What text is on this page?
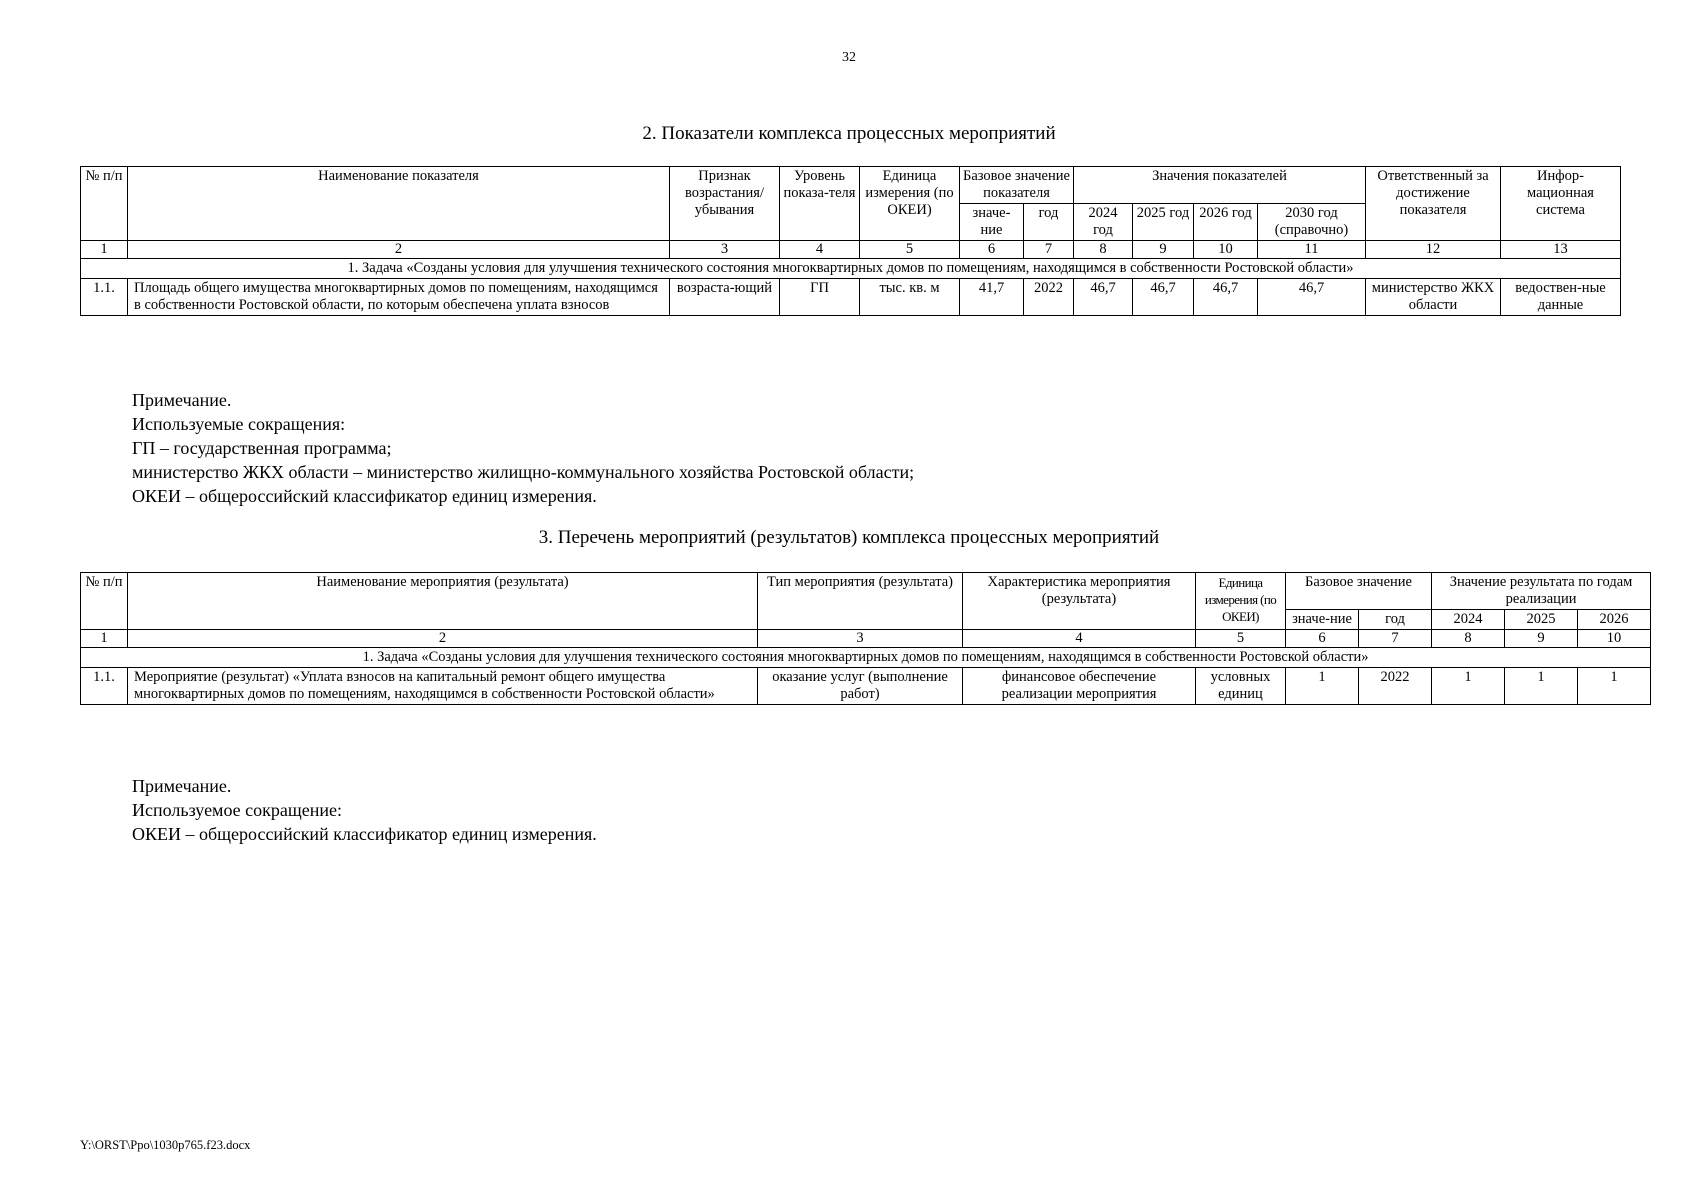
32
2. Показатели комплекса процессных мероприятий
№ п/п	Наименование показателя	Признак возрастания/ убывания	Уровень показа-теля	Единица измерения (по ОКЕИ)	Базовое значение показателя		Значения показателей				Ответственный за достижение показателя	Инфор-мационная система
					значе-ние	год	2024 год	2025 год	2026 год	2030 год (справочно)		
1	2	3	4	5	6	7	8	9	10	11	12	13
1. Задача «Созданы условия для улучшения технического состояния многоквартирных домов по помещениям, находящимся в собственности Ростовской области»												
1.1.	Площадь общего имущества многоквартирных домов по помещениям, находящимся в собственности Ростовской области, по которым обеспечена уплата взносов	возраста-ющий	ГП	тыс. кв. м	41,7	2022	46,7	46,7	46,7	46,7	министерство ЖКХ области	ведоствен-ные данные
Примечание.
Используемые сокращения:
ГП – государственная программа;
министерство ЖКХ области – министерство жилищно-коммунального хозяйства Ростовской области;
ОКЕИ – общероссийский классификатор единиц измерения.
3. Перечень мероприятий (результатов) комплекса процессных мероприятий
№ п/п	Наименование мероприятия (результата)	Тип мероприятия (результата)	Характеристика мероприятия (результата)	Единица измерения (по ОКЕИ)	Базовое значение		Значение результата по годам реализации		
					значе-ние	год	2024	2025	2026
1	2	3	4	5	6	7	8	9	10
1. Задача «Созданы условия для улучшения технического состояния многоквартирных домов по помещениям, находящимся в собственности Ростовской области»									
1.1.	Мероприятие (результат) «Уплата взносов на капитальный ремонт общего имущества многоквартирных домов по помещениям, находящимся в собственности Ростовской области»	оказание услуг (выполнение работ)	финансовое обеспечение реализации мероприятия	условных единиц	1	2022	1	1	1
Примечание.
Используемое сокращение:
ОКЕИ – общероссийский классификатор единиц измерения.
Y:\ORST\Ppo\1030p765.f23.docx
